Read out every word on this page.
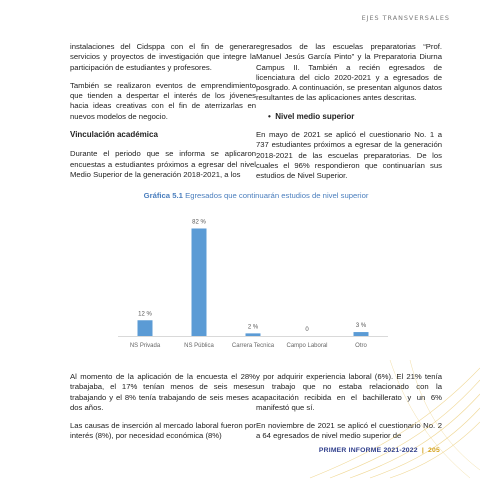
EJES TRANSVERSALES

instalaciones del Cidsppa con el fin de generar servicios y proyectos de investigación que integre la participación de estudiantes y profesores.

También se realizaron eventos de emprendimiento que tienden a despertar el interés de los jóvenes hacia ideas creativas con el fin de aterrizarlas en nuevos modelos de negocio.

Vinculación académica

Durante el periodo que se informa se aplicaron encuestas a estudiantes próximos a egresar del nivel Medio Superior de la generación 2018-2021, a los

egresados de las escuelas preparatorias “Prof. Manuel Jesús García Pinto” y la Preparatoria Diurna Campus II. También a recién egresados de licenciatura del ciclo 2020-2021 y a egresados de posgrado. A continuación, se presentan algunos datos resultantes de las aplicaciones antes descritas.

•  Nivel medio superior

En mayo de 2021 se aplicó el cuestionario No. 1 a 737 estudiantes próximos a egresar de la generación 2018-2021 de las escuelas preparatorias. De los cuales el 96% respondieron que continuarían sus estudios de Nivel Superior.

Gráfica 5.1 Egresados que continuarán estudios de nivel superior
12 %
NS Privada
82 %
NS Pública
2 %
Carrera Tecnica
0
Campo Laboral
3 %
Otro

Al momento de la aplicación de la encuesta el 28% trabajaba, el 17% tenían menos de seis meses trabajando y el 8% tenía trabajando de seis meses a dos años.

Las causas de inserción al mercado laboral fueron por interés (8%), por necesidad económica (8%)

y por adquirir experiencia laboral (6%). El 21% tenía un trabajo que no estaba relacionado con la capacitación recibida en el bachillerato y un 6% manifestó que sí.

En noviembre de 2021 se aplicó el cuestionario No. 2 a 64 egresados de nivel medio superior de

PRIMER INFORME 2021-2022 | 205
